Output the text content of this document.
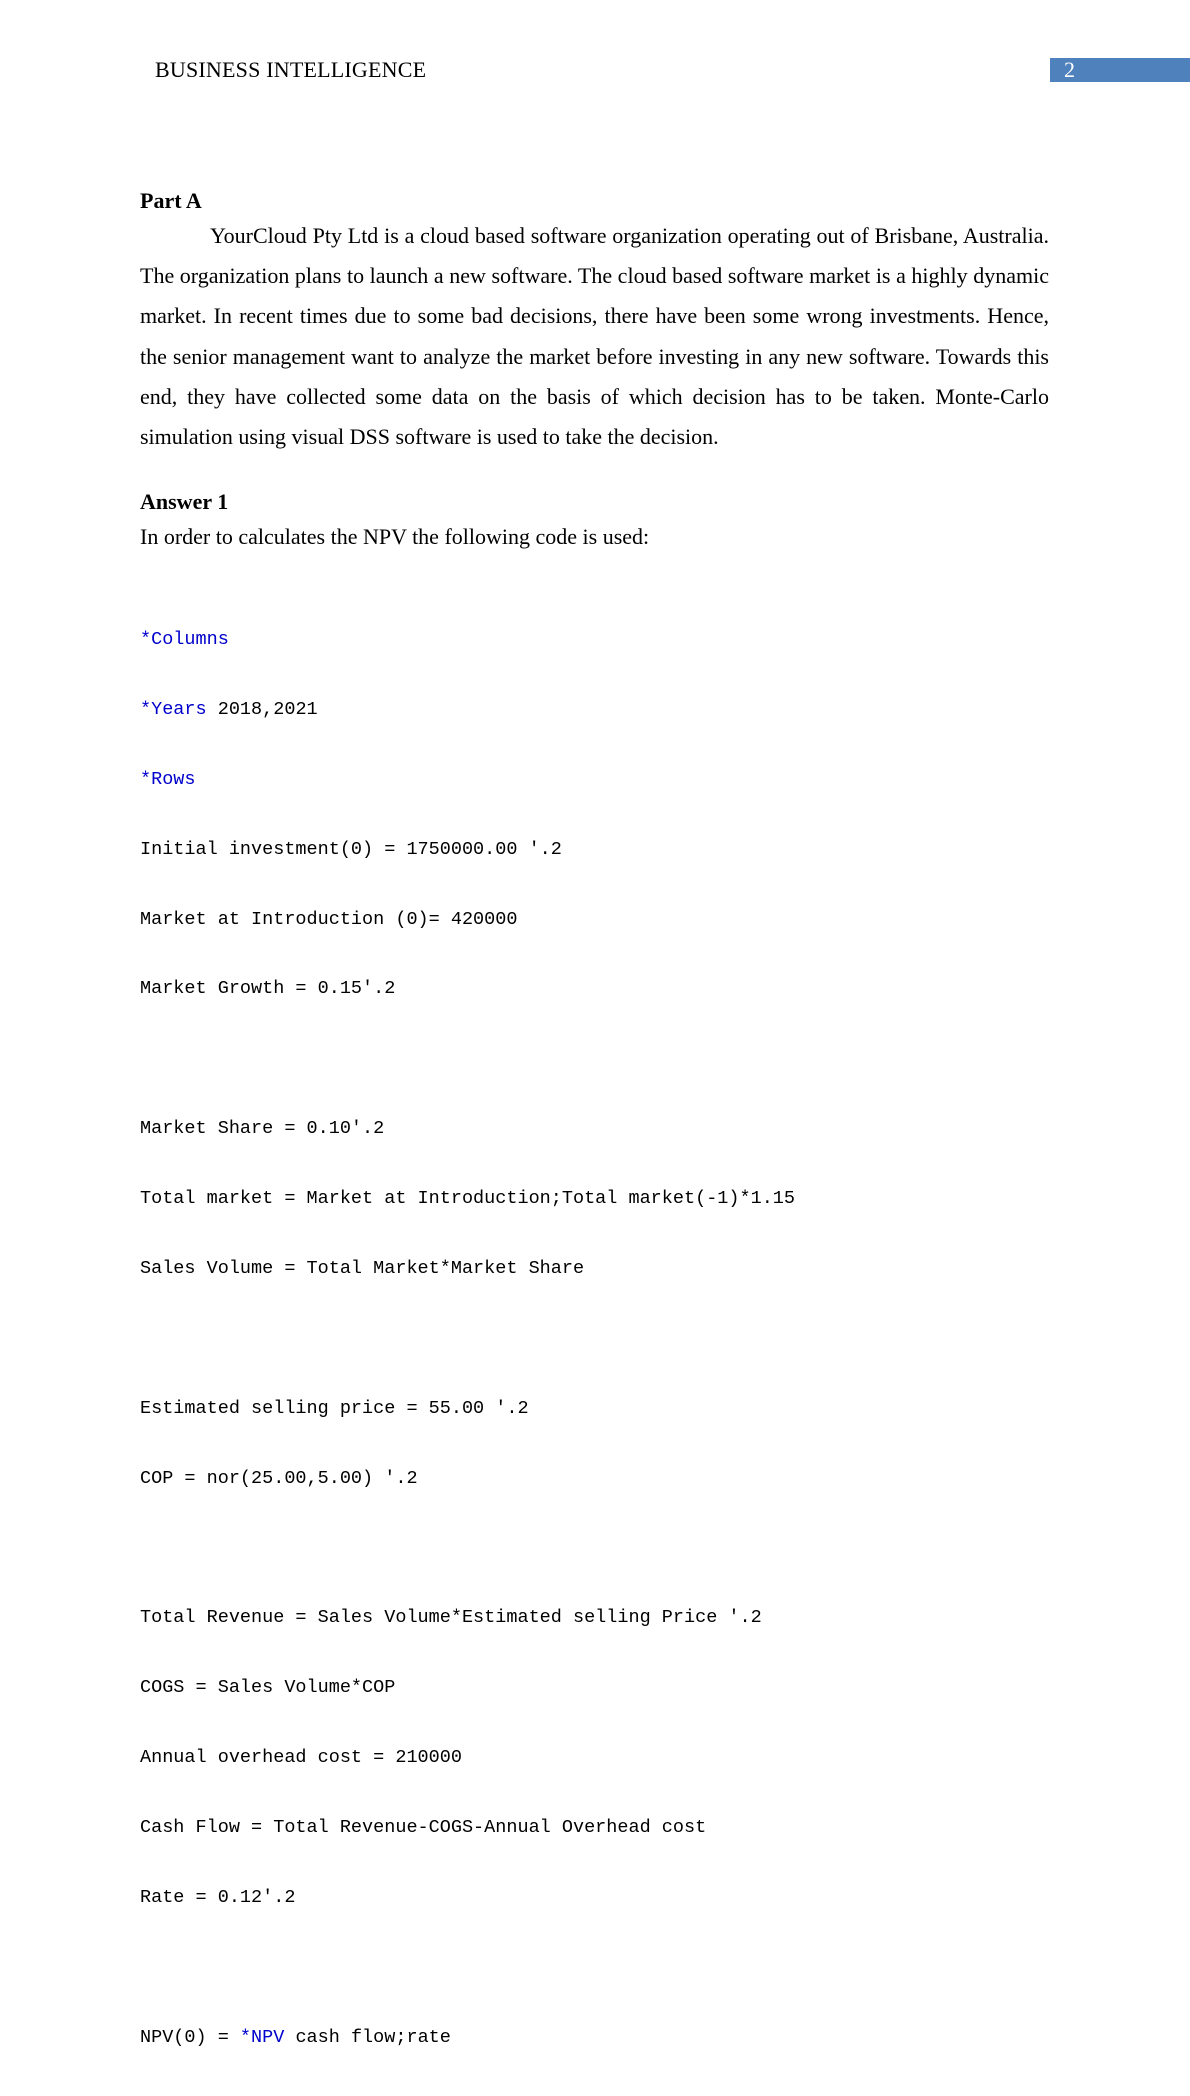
BUSINESS INTELLIGENCE	2
Part A

YourCloud Pty Ltd is a cloud based software organization operating out of Brisbane, Australia. The organization plans to launch a new software. The cloud based software market is a highly dynamic market. In recent times due to some bad decisions, there have been some wrong investments. Hence, the senior management want to analyze the market before investing in any new software. Towards this end, they have collected some data on the basis of which decision has to be taken. Monte-Carlo simulation using visual DSS software is used to take the decision.

Answer 1

In order to calculates the NPV the following code is used:

*Columns

*Years 2018,2021

*Rows

Initial investment(0) = 1750000.00 '.2

Market at Introduction (0)= 420000

Market Growth = 0.15'.2

Market Share = 0.10'.2

Total market = Market at Introduction;Total market(-1)*1.15

Sales Volume = Total Market*Market Share

Estimated selling price = 55.00 '.2

COP = nor(25.00,5.00) '.2

Total Revenue = Sales Volume*Estimated selling Price '.2

COGS = Sales Volume*COP

Annual overhead cost = 210000

Cash Flow = Total Revenue-COGS-Annual Overhead cost

Rate = 0.12'.2

NPV(0) = *NPV cash flow;rate
